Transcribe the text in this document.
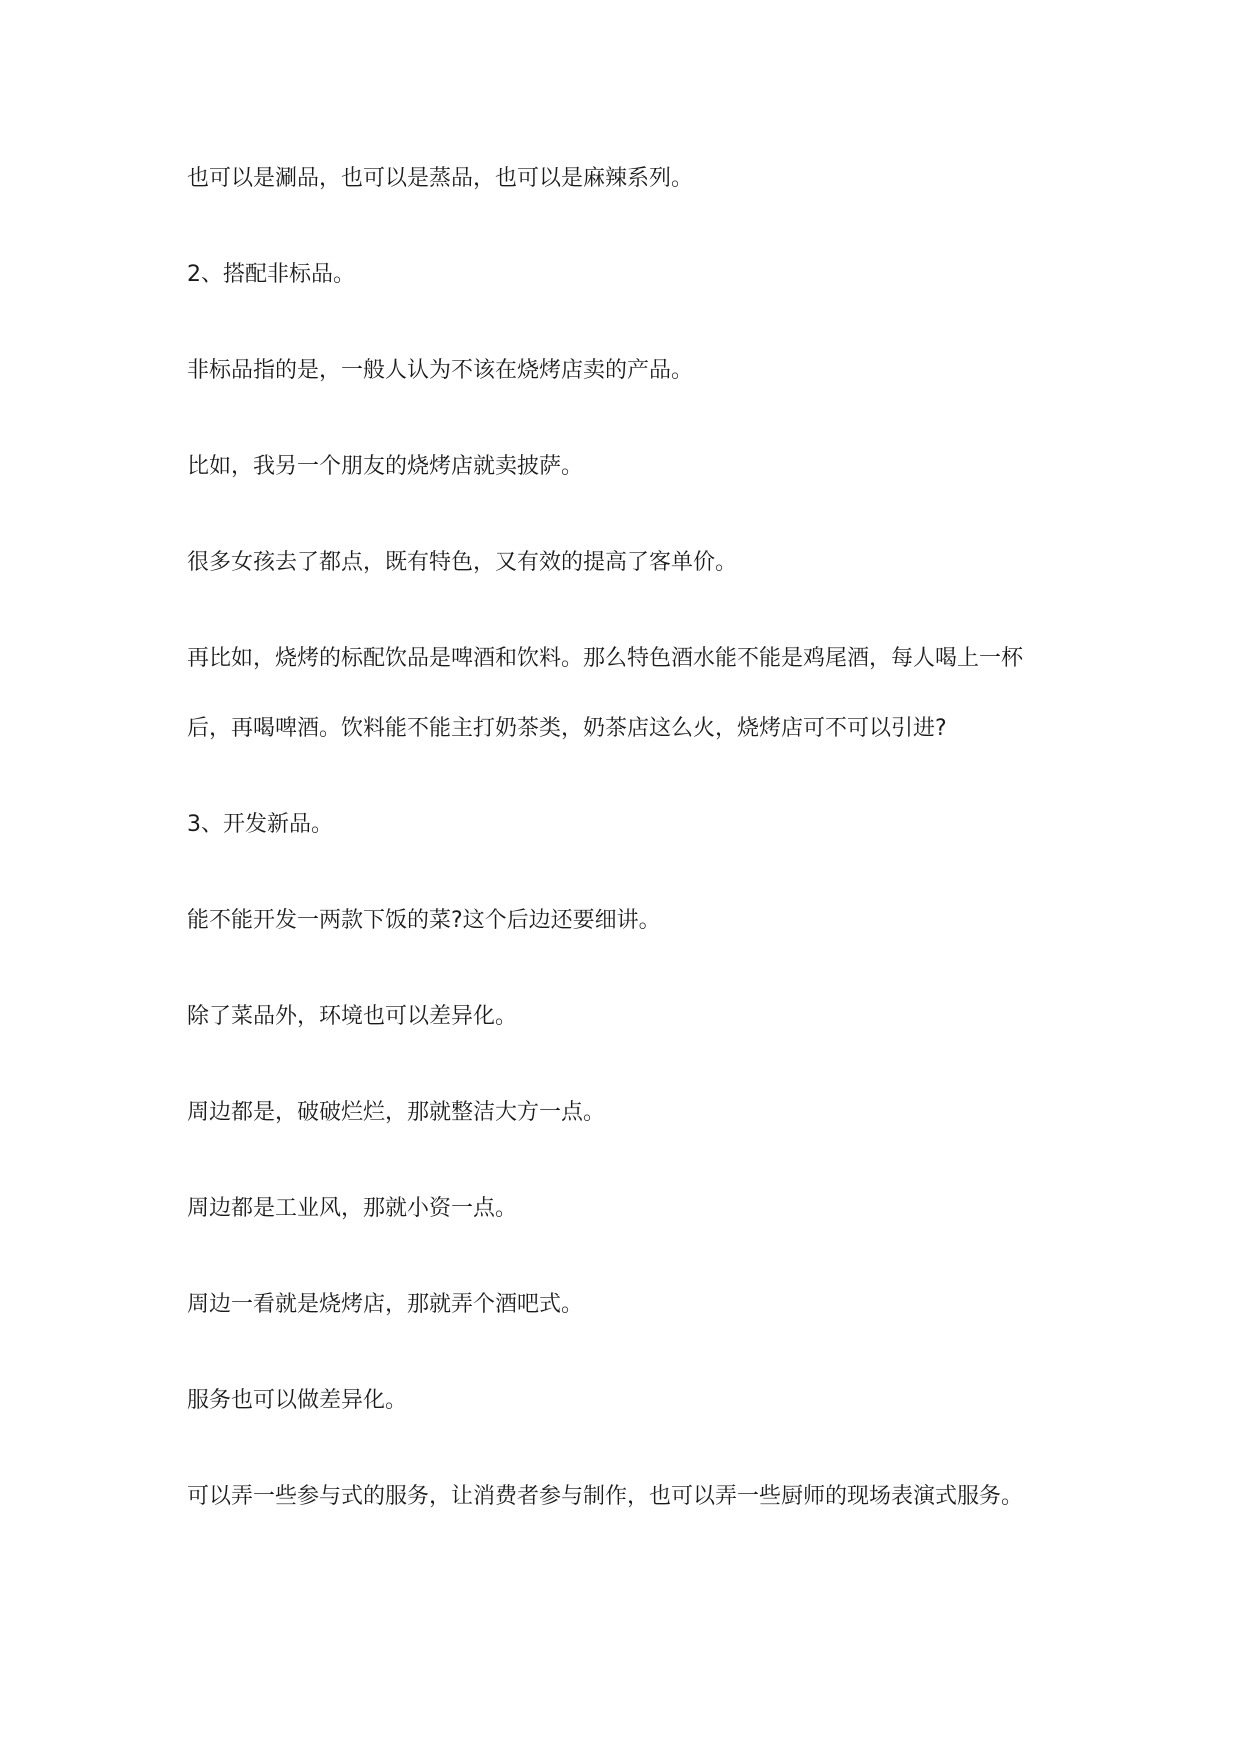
也可以是涮品，也可以是蒸品，也可以是麻辣系列。

2、搭配非标品。

非标品指的是，一般人认为不该在烧烤店卖的产品。

比如，我另一个朋友的烧烤店就卖披萨。

很多女孩去了都点，既有特色，又有效的提高了客单价。

再比如，烧烤的标配饮品是啤酒和饮料。那么特色酒水能不能是鸡尾酒，每人喝上一杯

后，再喝啤酒。饮料能不能主打奶茶类，奶茶店这么火，烧烤店可不可以引进?

3、开发新品。

能不能开发一两款下饭的菜?这个后边还要细讲。

除了菜品外，环境也可以差异化。

周边都是，破破烂烂，那就整洁大方一点。

周边都是工业风，那就小资一点。

周边一看就是烧烤店，那就弄个酒吧式。

服务也可以做差异化。

可以弄一些参与式的服务，让消费者参与制作，也可以弄一些厨师的现场表演式服务。
